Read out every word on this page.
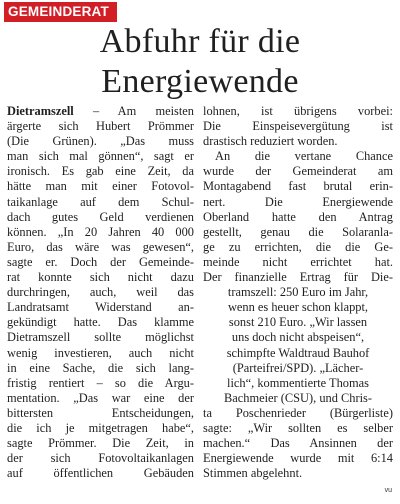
GEMEINDERAT
Abfuhr für die
Energiewende
Dietramszell – Am meisten
ärgerte sich Hubert Prömmer
(Die Grünen). „Das muss
man sich mal gönnen“, sagt er
ironisch. Es gab eine Zeit, da
hätte man mit einer Fotovol-
taikanlage auf dem Schul-
dach gutes Geld verdienen
können. „In 20 Jahren 40 000
Euro, das wäre was gewesen“,
sagte er. Doch der Gemeinde-
rat konnte sich nicht dazu
durchringen, auch, weil das
Landratsamt Widerstand an-
gekündigt hatte. Das klamme
Dietramszell sollte möglichst
wenig investieren, auch nicht
in eine Sache, die sich lang-
fristig rentiert – so die Argu-
mentation. „Das war eine der
bittersten Entscheidungen,
die ich je mitgetragen habe“,
sagte Prömmer. Die Zeit, in
der sich Fotovoltaikanlagen
auf öffentlichen Gebäuden
lohnen, ist übrigens vorbei:
Die Einspeisevergütung ist
drastisch reduziert worden.
An die vertane Chance
wurde der Gemeinderat am
Montagabend fast brutal erin-
nert. Die Energiewende
Oberland hatte den Antrag
gestellt, genau die Solaranla-
ge zu errichten, die die Ge-
meinde nicht errichtet hat.
Der finanzielle Ertrag für Die-
tramszell: 250 Euro im Jahr,
wenn es heuer schon klappt,
sonst 210 Euro. „Wir lassen
uns doch nicht abspeisen“,
schimpfte Waldtraud Bauhof
(Parteifrei/SPD). „Lächer-
lich“, kommentierte Thomas
Bachmeier (CSU), und Chris-
ta Poschenrieder (Bürgerliste)
sagte: „Wir sollten es selber
machen.“ Das Ansinnen der
Energiewende wurde mit 6:14
Stimmen abgelehnt.
vu
